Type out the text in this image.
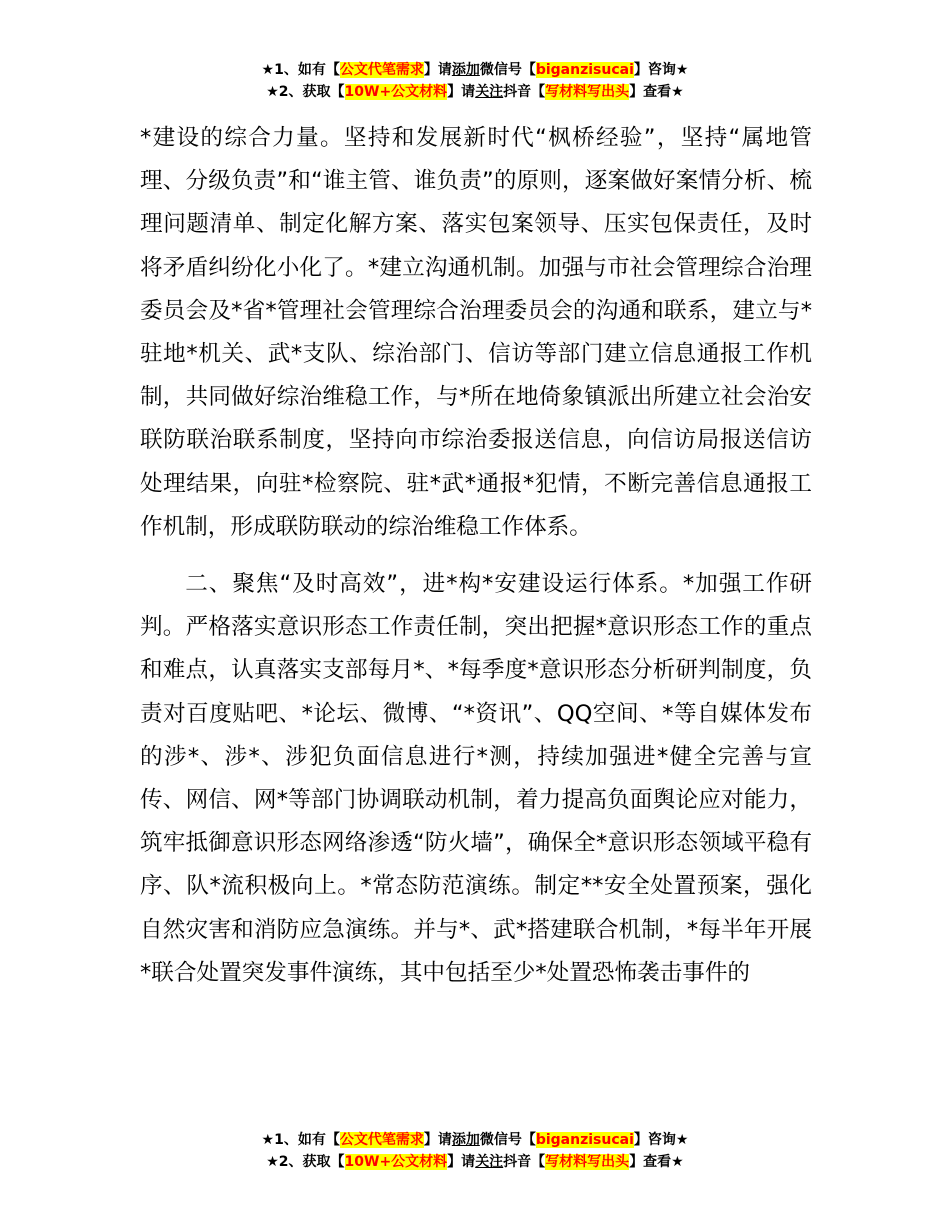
★1、如有【公文代笔需求】请添加微信号【biganzisucai】咨询★
★2、获取【10W+公文材料】请关注抖音【写材料写出头】查看★

*建设的综合力量。坚持和发展新时代“枫桥经验”，坚持“属地管理、分级负责”和“谁主管、谁负责”的原则，逐案做好案情分析、梳理问题清单、制定化解方案、落实包案领导、压实包保责任，及时将矛盾纠纷化小化了。*建立沟通机制。加强与市社会管理综合治理委员会及*省*管理社会管理综合治理委员会的沟通和联系，建立与*驻地*机关、武*支队、综治部门、信访等部门建立信息通报工作机制，共同做好综治维稳工作，与*所在地倚象镇派出所建立社会治安联防联治联系制度，坚持向市综治委报送信息，向信访局报送信访处理结果，向驻*检察院、驻*武*通报*犯情，不断完善信息通报工作机制，形成联防联动的综治维稳工作体系。

二、聚焦“及时高效”，进*构*安建设运行体系。*加强工作研判。严格落实意识形态工作责任制，突出把握*意识形态工作的重点和难点，认真落实支部每月*、*每季度*意识形态分析研判制度，负责对百度贴吧、*论坛、微博、“*资讯”、QQ空间、*等自媒体发布的涉*、涉*、涉犯负面信息进行*测，持续加强进*健全完善与宣传、网信、网*等部门协调联动机制，着力提高负面舆论应对能力，筑牢抵御意识形态网络渗透“防火墙”，确保全*意识形态领域平稳有序、队*流积极向上。*常态防范演练。制定**安全处置预案，强化自然灾害和消防应急演练。并与*、武*搭建联合机制，*每半年开展*联合处置突发事件演练，其中包括至少*处置恐怖袭击事件的

★1、如有【公文代笔需求】请添加微信号【biganzisucai】咨询★
★2、获取【10W+公文材料】请关注抖音【写材料写出头】查看★
